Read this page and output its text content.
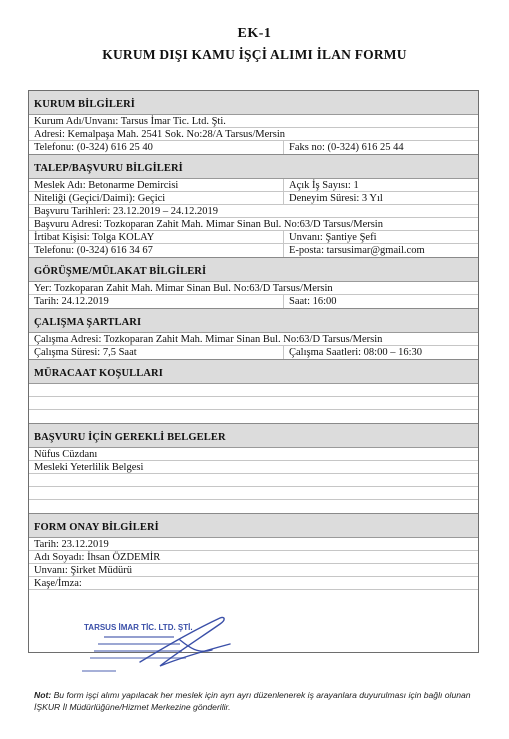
EK-1
KURUM DIŞI KAMU İŞÇİ ALIMI İLAN FORMU
KURUM BİLGİLERİ
Kurum Adı/Unvanı: Tarsus İmar Tic. Ltd. Şti.
Adresi: Kemalpaşa Mah. 2541 Sok. No:28/A Tarsus/Mersin
Telefonu: (0-324) 616 25 40	Faks no: (0-324) 616 25 44
TALEP/BAŞVURU BİLGİLERİ
Meslek Adı: Betonarme Demircisi	Açık İş Sayısı: 1
Niteliği (Geçici/Daimi): Geçici	Deneyim Süresi: 3 Yıl
Başvuru Tarihleri: 23.12.2019 – 24.12.2019
Başvuru Adresi: Tozkoparan Zahit Mah. Mimar Sinan Bul. No:63/D Tarsus/Mersin
İrtibat Kişisi: Tolga KOLAY	Unvanı: Şantiye Şefi
Telefonu: (0-324) 616 34 67	E-posta: tarsusimar@gmail.com
GÖRÜŞME/MÜLAKAT BİLGİLERİ
Yer: Tozkoparan Zahit Mah. Mimar Sinan Bul. No:63/D Tarsus/Mersin
Tarih: 24.12.2019	Saat: 16:00
ÇALIŞMA ŞARTLARI
Çalışma Adresi: Tozkoparan Zahit Mah. Mimar Sinan Bul. No:63/D Tarsus/Mersin
Çalışma Süresi: 7,5 Saat	Çalışma Saatleri: 08:00 – 16:30
MÜRACAAT KOŞULLARI
BAŞVURU İÇİN GEREKLİ BELGELER
Nüfus Cüzdanı
Mesleki Yeterlilik Belgesi
FORM ONAY BİLGİLERİ
Tarih: 23.12.2019
Adı Soyadı: İhsan ÖZDEMİR
Unvanı: Şirket Müdürü
Kaşe/İmza:
TARSUS İMAR TİC. LTD. ŞTİ.
Not: Bu form işçi alımı yapılacak her meslek için ayrı ayrı düzenlenerek iş arayanlara duyurulması için bağlı olunan İŞKUR İl Müdürlüğüne/Hizmet Merkezine gönderilir.
